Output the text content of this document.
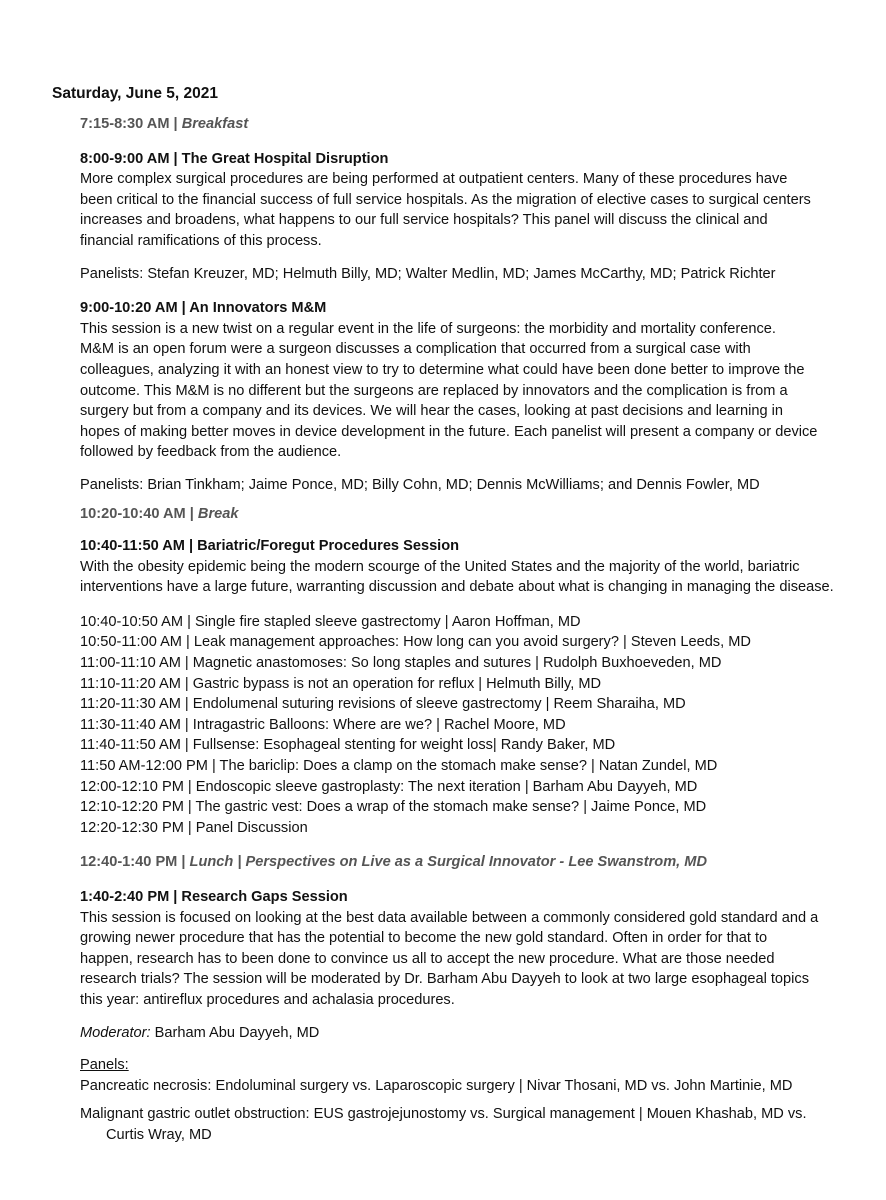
Saturday, June 5, 2021
7:15-8:30 AM | Breakfast
8:00-9:00 AM | The Great Hospital Disruption
More complex surgical procedures are being performed at outpatient centers. Many of these procedures have
been critical to the financial success of full service hospitals. As the migration of elective cases to surgical centers
increases and broadens, what happens to our full service hospitals? This panel will discuss the clinical and
financial ramifications of this process.
Panelists: Stefan Kreuzer, MD; Helmuth Billy, MD; Walter Medlin, MD; James McCarthy, MD; Patrick Richter
9:00-10:20 AM | An Innovators M&M
This session is a new twist on a regular event in the life of surgeons: the morbidity and mortality conference.
M&M is an open forum were a surgeon discusses a complication that occurred from a surgical case with
colleagues, analyzing it with an honest view to try to determine what could have been done better to improve the
outcome. This M&M is no different but the surgeons are replaced by innovators and the complication is from a
surgery but from a company and its devices. We will hear the cases, looking at past decisions and learning in
hopes of making better moves in device development in the future. Each panelist will present a company or device
followed by feedback from the audience.
Panelists: Brian Tinkham; Jaime Ponce, MD; Billy Cohn, MD; Dennis McWilliams; and Dennis Fowler, MD
10:20-10:40 AM | Break
10:40-11:50 AM | Bariatric/Foregut Procedures Session
With the obesity epidemic being the modern scourge of the United States and the majority of the world, bariatric
interventions have a large future, warranting discussion and debate about what is changing in managing the disease.
10:40-10:50 AM | Single fire stapled sleeve gastrectomy | Aaron Hoffman, MD
10:50-11:00 AM | Leak management approaches: How long can you avoid surgery? | Steven Leeds, MD
11:00-11:10 AM | Magnetic anastomoses: So long staples and sutures | Rudolph Buxhoeveden, MD
11:10-11:20 AM | Gastric bypass is not an operation for reflux | Helmuth Billy, MD
11:20-11:30 AM | Endolumenal suturing revisions of sleeve gastrectomy | Reem Sharaiha, MD
11:30-11:40 AM | Intragastric Balloons: Where are we? | Rachel Moore, MD
11:40-11:50 AM | Fullsense: Esophageal stenting for weight loss| Randy Baker, MD
11:50 AM-12:00 PM | The bariclip: Does a clamp on the stomach make sense? | Natan Zundel, MD
12:00-12:10 PM | Endoscopic sleeve gastroplasty: The next iteration | Barham Abu Dayyeh, MD
12:10-12:20 PM | The gastric vest: Does a wrap of the stomach make sense? | Jaime Ponce, MD
12:20-12:30 PM | Panel Discussion
12:40-1:40 PM | Lunch | Perspectives on Live as a Surgical Innovator - Lee Swanstrom, MD
1:40-2:40 PM | Research Gaps Session
This session is focused on looking at the best data available between a commonly considered gold standard and a
growing newer procedure that has the potential to become the new gold standard. Often in order for that to
happen, research has to been done to convince us all to accept the new procedure. What are those needed
research trials? The session will be moderated by Dr. Barham Abu Dayyeh to look at two large esophageal topics
this year: antireflux procedures and achalasia procedures.
Moderator: Barham Abu Dayyeh, MD
Panels:
Pancreatic necrosis: Endoluminal surgery vs. Laparoscopic surgery | Nivar Thosani, MD vs. John Martinie, MD
Malignant gastric outlet obstruction: EUS gastrojejunostomy vs. Surgical management | Mouen Khashab, MD vs.
Curtis Wray, MD
